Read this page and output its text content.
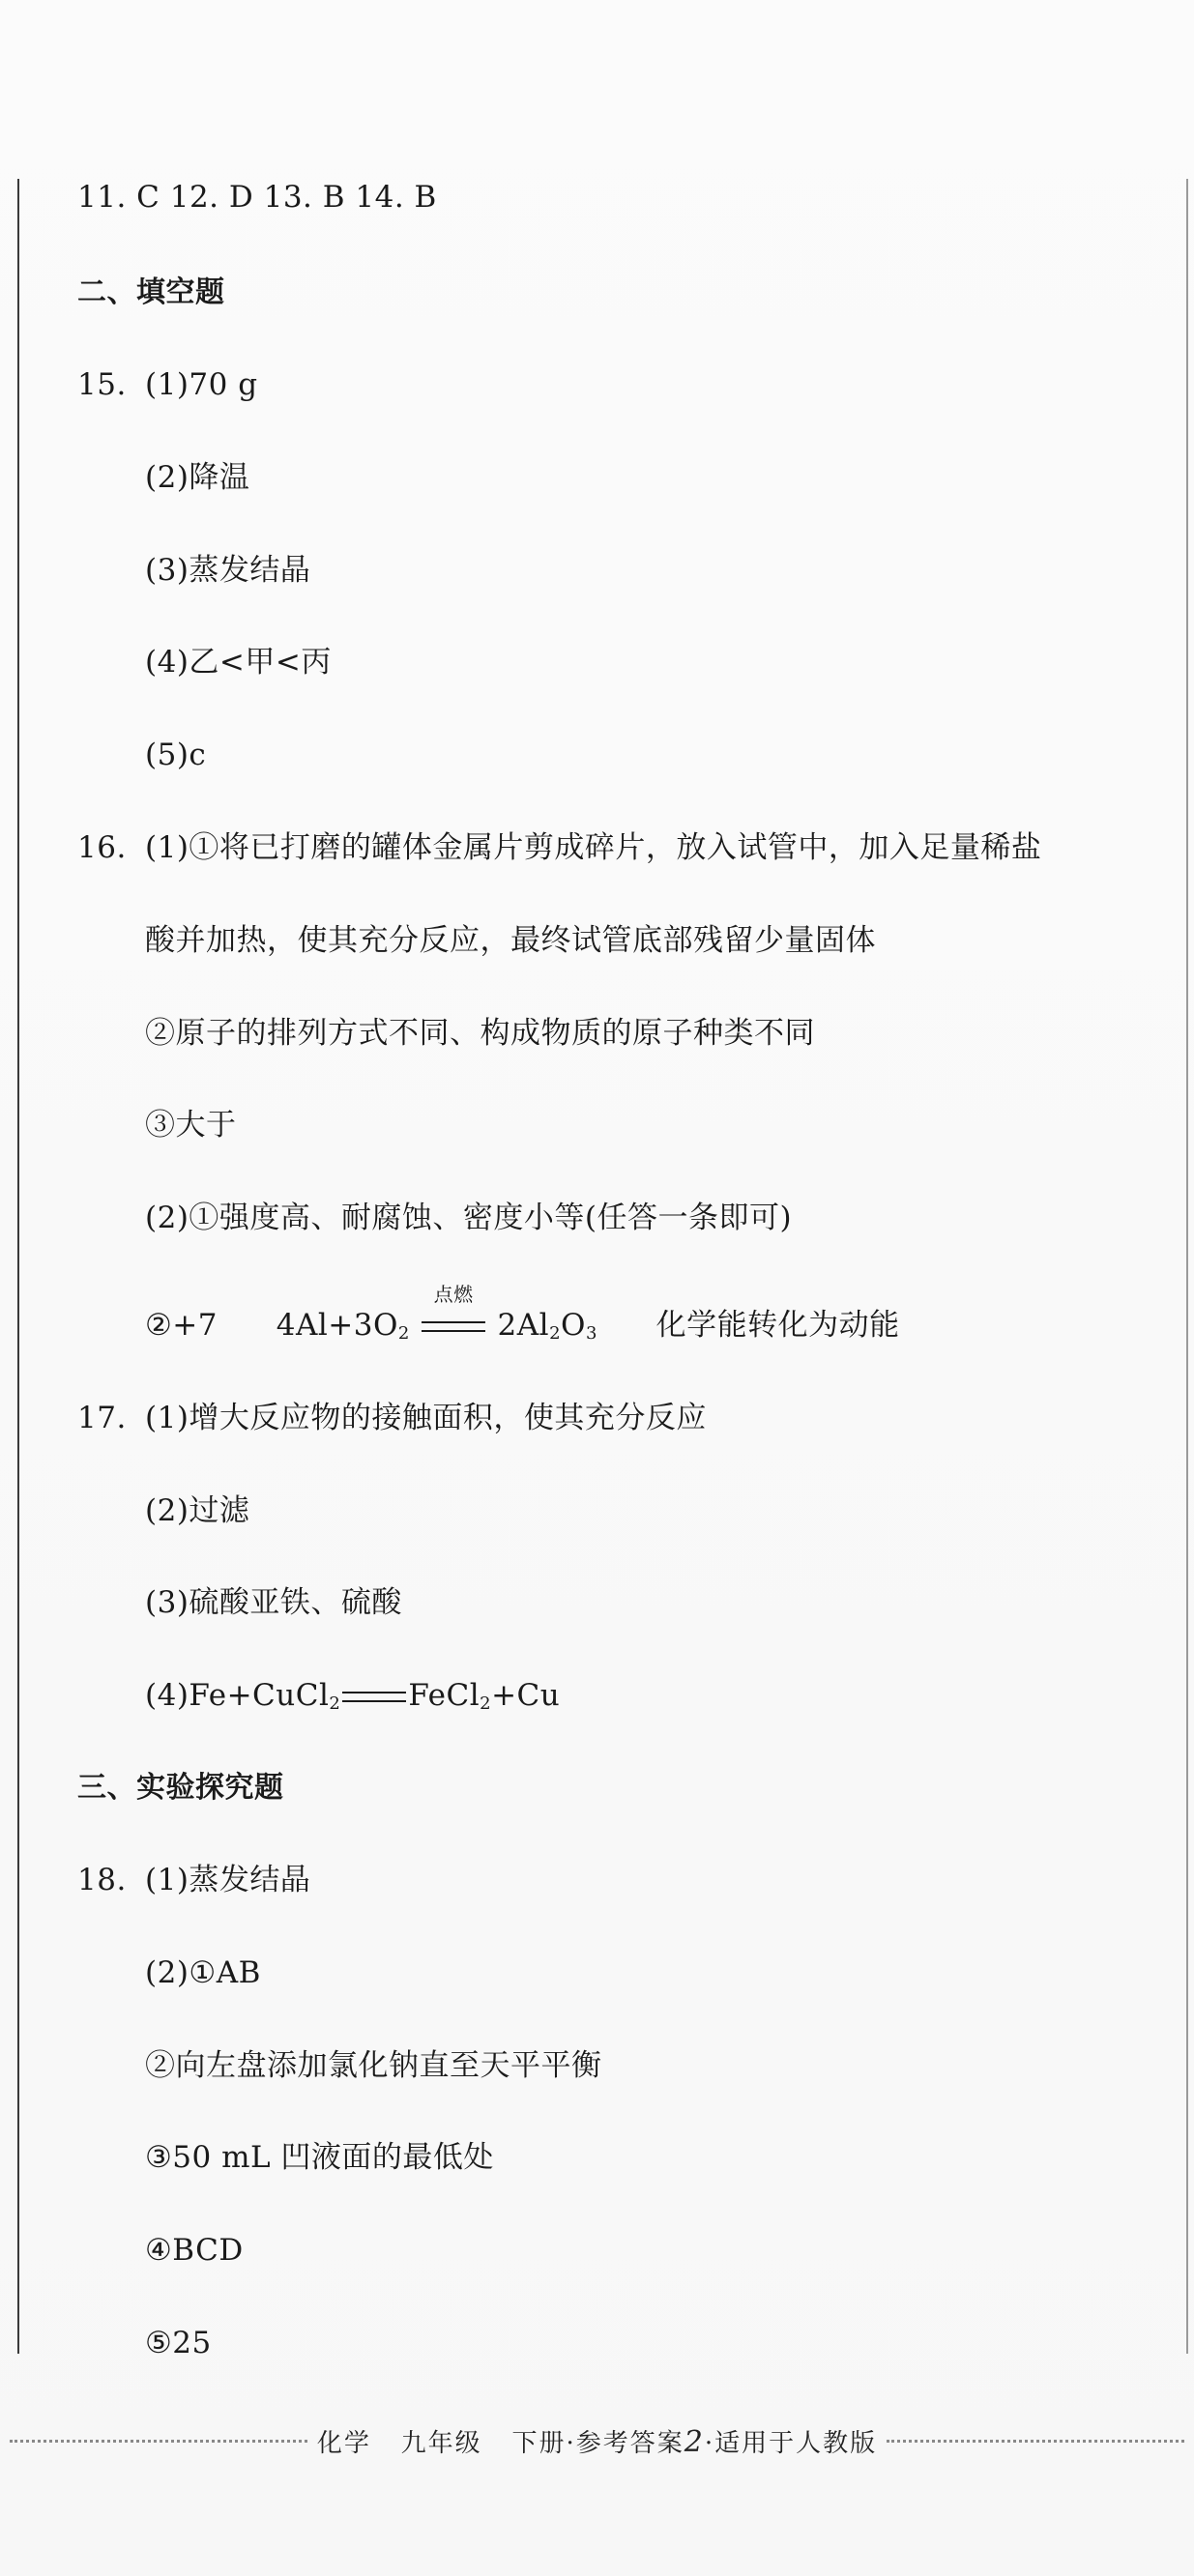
11. C 12. D 13. B 14. B
二、填空题
15. (1)70 g
(2)降温
(3)蒸发结晶
(4)乙<甲<丙
(5)c
16. (1)①将已打磨的罐体金属片剪成碎片，放入试管中，加入足量稀盐
酸并加热，使其充分反应，最终试管底部残留少量固体
②原子的排列方式不同、构成物质的原子种类不同
③大于
(2)①强度高、耐腐蚀、密度小等(任答一条即可)
②+7 $4Al+3O_2$
点燃
$2Al_2O_3$ 化学能转化为动能
17. (1)增大反应物的接触面积，使其充分反应
(2)过滤
(3)硫酸亚铁、硫酸
(4)Fe+CuCl$_2$ FeCl$_2$+Cu
三、实验探究题
18. (1)蒸发结晶
(2)①AB
②向左盘添加氯化钠直至天平平衡
③50 mL 凹液面的最低处
④BCD
⑤25
化学 九年级 下册·参考答案2·适用于人教版
